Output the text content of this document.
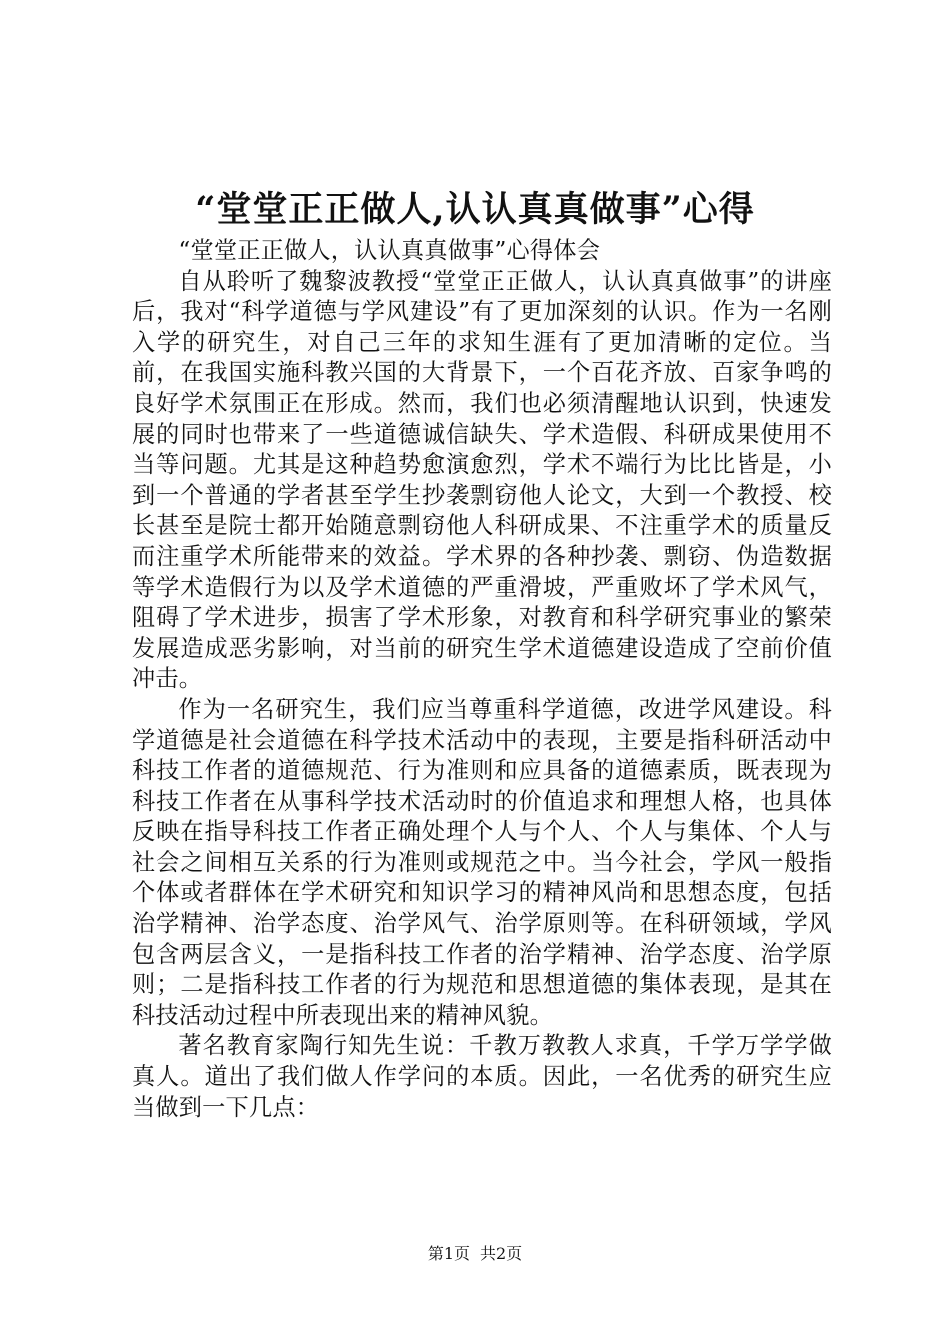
“堂堂正正做人,认认真真做事”心得

“堂堂正正做人，认认真真做事”心得体会

自从聆听了魏黎波教授“堂堂正正做人，认认真真做事”的讲座后，我对“科学道德与学风建设”有了更加深刻的认识。作为一名刚入学的研究生，对自己三年的求知生涯有了更加清晰的定位。当前，在我国实施科教兴国的大背景下，一个百花齐放、百家争鸣的良好学术氛围正在形成。然而，我们也必须清醒地认识到，快速发展的同时也带来了一些道德诚信缺失、学术造假、科研成果使用不当等问题。尤其是这种趋势愈演愈烈，学术不端行为比比皆是，小到一个普通的学者甚至学生抄袭剽窃他人论文，大到一个教授、校长甚至是院士都开始随意剽窃他人科研成果、不注重学术的质量反而注重学术所能带来的效益。学术界的各种抄袭、剽窃、伪造数据等学术造假行为以及学术道德的严重滑坡，严重败坏了学术风气，阻碍了学术进步，损害了学术形象，对教育和科学研究事业的繁荣发展造成恶劣影响，对当前的研究生学术道德建设造成了空前价值冲击。

作为一名研究生，我们应当尊重科学道德，改进学风建设。科学道德是社会道德在科学技术活动中的表现，主要是指科研活动中科技工作者的道德规范、行为准则和应具备的道德素质，既表现为科技工作者在从事科学技术活动时的价值追求和理想人格，也具体反映在指导科技工作者正确处理个人与个人、个人与集体、个人与社会之间相互关系的行为准则或规范之中。当今社会，学风一般指个体或者群体在学术研究和知识学习的精神风尚和思想态度，包括治学精神、治学态度、治学风气、治学原则等。在科研领域，学风包含两层含义，一是指科技工作者的治学精神、治学态度、治学原则；二是指科技工作者的行为规范和思想道德的集体表现，是其在科技活动过程中所表现出来的精神风貌。

著名教育家陶行知先生说：千教万教教人求真，千学万学学做真人。道出了我们做人作学问的本质。因此，一名优秀的研究生应当做到一下几点：

第1页 共2页
